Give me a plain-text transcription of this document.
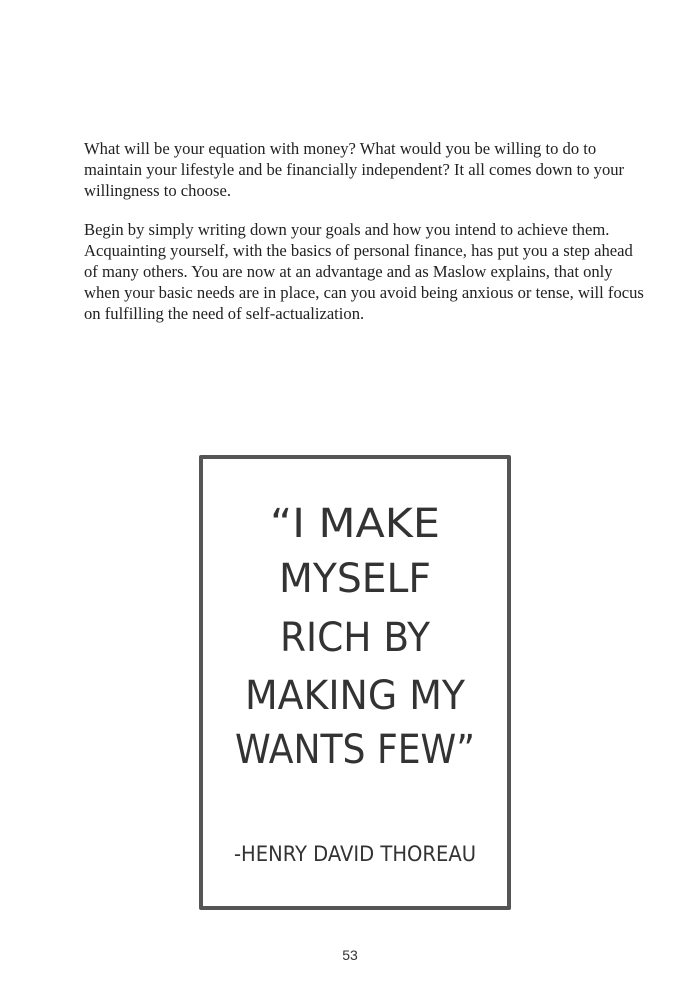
What will be your equation with money? What would you be willing to do to maintain your lifestyle and be financially independent? It all comes down to your willingness to choose.

Begin by simply writing down your goals and how you intend to achieve them. Acquainting yourself, with the basics of personal finance, has put you a step ahead of many others. You are now at an advantage and as Maslow explains, that only when your basic needs are in place, can you avoid being anxious or tense, will focus on fulfilling the need of self-actualization.

“I MAKE
MYSELF
RICH BY
MAKING MY
WANTS FEW”
-HENRY DAVID THOREAU
53
